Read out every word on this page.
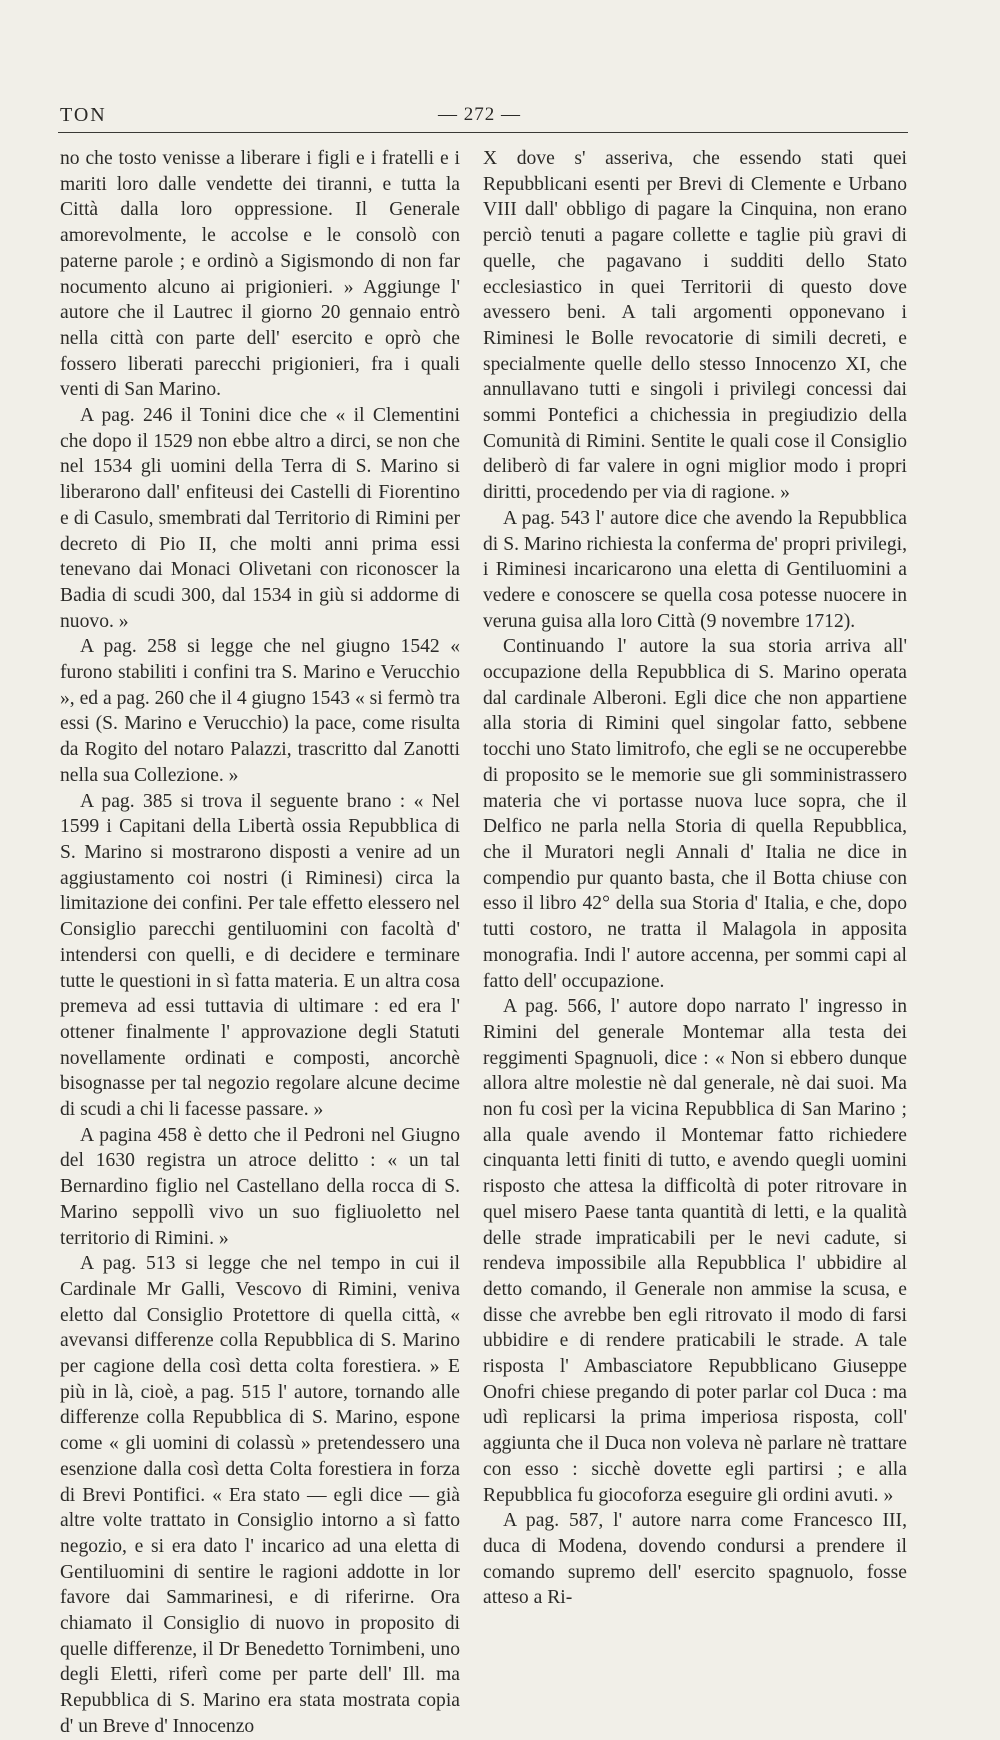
TON	— 272 —

no che tosto venisse a liberare i figli e i fratelli e i mariti loro dalle vendette dei tiranni, e tutta la Città dalla loro oppressione. Il Generale amorevolmente, le accolse e le consolò con paterne parole ; e ordinò a Sigismondo di non far nocumento alcuno ai prigionieri. » Aggiunge l' autore che il Lautrec il giorno 20 gennaio entrò nella città con parte dell' esercito e oprò che fossero liberati parecchi prigionieri, fra i quali venti di San Marino.

A pag. 246 il Tonini dice che « il Clementini che dopo il 1529 non ebbe altro a dirci, se non che nel 1534 gli uomini della Terra di S. Marino si liberarono dall' enfiteusi dei Castelli di Fiorentino e di Casulo, smembrati dal Territorio di Rimini per decreto di Pio II, che molti anni prima essi tenevano dai Monaci Olivetani con riconoscer la Badia di scudi 300, dal 1534 in giù si addorme di nuovo. »

A pag. 258 si legge che nel giugno 1542 « furono stabiliti i confini tra S. Marino e Verucchio », ed a pag. 260 che il 4 giugno 1543 « si fermò tra essi (S. Marino e Verucchio) la pace, come risulta da Rogito del notaro Palazzi, trascritto dal Zanotti nella sua Collezione. »

A pag. 385 si trova il seguente brano : « Nel 1599 i Capitani della Libertà ossia Repubblica di S. Marino si mostrarono disposti a venire ad un aggiustamento coi nostri (i Riminesi) circa la limitazione dei confini. Per tale effetto elessero nel Consiglio parecchi gentiluomini con facoltà d' intendersi con quelli, e di decidere e terminare tutte le questioni in sì fatta materia. E un altra cosa premeva ad essi tuttavia di ultimare : ed era l' ottener finalmente l' approvazione degli Statuti novellamente ordinati e composti, ancorchè bisognasse per tal negozio regolare alcune decime di scudi a chi li facesse passare. »

A pagina 458 è detto che il Pedroni nel Giugno del 1630 registra un atroce delitto : « un tal Bernardino figlio nel Castellano della rocca di S. Marino seppollì vivo un suo figliuoletto nel territorio di Rimini. »

A pag. 513 si legge che nel tempo in cui il Cardinale Mr Galli, Vescovo di Rimini, veniva eletto dal Consiglio Protettore di quella città, « avevansi differenze colla Repubblica di S. Marino per cagione della così detta colta forestiera. » E più in là, cioè, a pag. 515 l' autore, tornando alle differenze colla Repubblica di S. Marino, espone come « gli uomini di colassù » pretendessero una esenzione dalla così detta Colta forestiera in forza di Brevi Pontifici. « Era stato — egli dice — già altre volte trattato in Consiglio intorno a sì fatto negozio, e si era dato l' incarico ad una eletta di Gentiluomini di sentire le ragioni addotte in lor favore dai Sammarinesi, e di riferirne. Ora chiamato il Consiglio di nuovo in proposito di quelle differenze, il Dr Benedetto Tornimbeni, uno degli Eletti, riferì come per parte dell' Ill. ma Repubblica di S. Marino era stata mostrata copia d' un Breve d' Innocenzo

X dove s' asseriva, che essendo stati quei Repubblicani esenti per Brevi di Clemente e Urbano VIII dall' obbligo di pagare la Cinquina, non erano perciò tenuti a pagare collette e taglie più gravi di quelle, che pagavano i sudditi dello Stato ecclesiastico in quei Territorii di questo dove avessero beni. A tali argomenti opponevano i Riminesi le Bolle revocatorie di simili decreti, e specialmente quelle dello stesso Innocenzo XI, che annullavano tutti e singoli i privilegi concessi dai sommi Pontefici a chichessia in pregiudizio della Comunità di Rimini. Sentite le quali cose il Consiglio deliberò di far valere in ogni miglior modo i propri diritti, procedendo per via di ragione. »

A pag. 543 l' autore dice che avendo la Repubblica di S. Marino richiesta la conferma de' propri privilegi, i Riminesi incaricarono una eletta di Gentiluomini a vedere e conoscere se quella cosa potesse nuocere in veruna guisa alla loro Città (9 novembre 1712).

Continuando l' autore la sua storia arriva all' occupazione della Repubblica di S. Marino operata dal cardinale Alberoni. Egli dice che non appartiene alla storia di Rimini quel singolar fatto, sebbene tocchi uno Stato limitrofo, che egli se ne occuperebbe di proposito se le memorie sue gli somministrassero materia che vi portasse nuova luce sopra, che il Delfico ne parla nella Storia di quella Repubblica, che il Muratori negli Annali d' Italia ne dice in compendio pur quanto basta, che il Botta chiuse con esso il libro 42° della sua Storia d' Italia, e che, dopo tutti costoro, ne tratta il Malagola in apposita monografia. Indi l' autore accenna, per sommi capi al fatto dell' occupazione.

A pag. 566, l' autore dopo narrato l' ingresso in Rimini del generale Montemar alla testa dei reggimenti Spagnuoli, dice : « Non si ebbero dunque allora altre molestie nè dal generale, nè dai suoi. Ma non fu così per la vicina Repubblica di San Marino ; alla quale avendo il Montemar fatto richiedere cinquanta letti finiti di tutto, e avendo quegli uomini risposto che attesa la difficoltà di poter ritrovare in quel misero Paese tanta quantità di letti, e la qualità delle strade impraticabili per le nevi cadute, si rendeva impossibile alla Repubblica l' ubbidire al detto comando, il Generale non ammise la scusa, e disse che avrebbe ben egli ritrovato il modo di farsi ubbidire e di rendere praticabili le strade. A tale risposta l' Ambasciatore Repubblicano Giuseppe Onofri chiese pregando di poter parlar col Duca : ma udì replicarsi la prima imperiosa risposta, coll' aggiunta che il Duca non voleva nè parlare nè trattare con esso : sicchè dovette egli partirsi ; e alla Repubblica fu giocoforza eseguire gli ordini avuti. »

A pag. 587, l' autore narra come Francesco III, duca di Modena, dovendo condursi a prendere il comando supremo dell' esercito spagnuolo, fosse atteso a Ri-
